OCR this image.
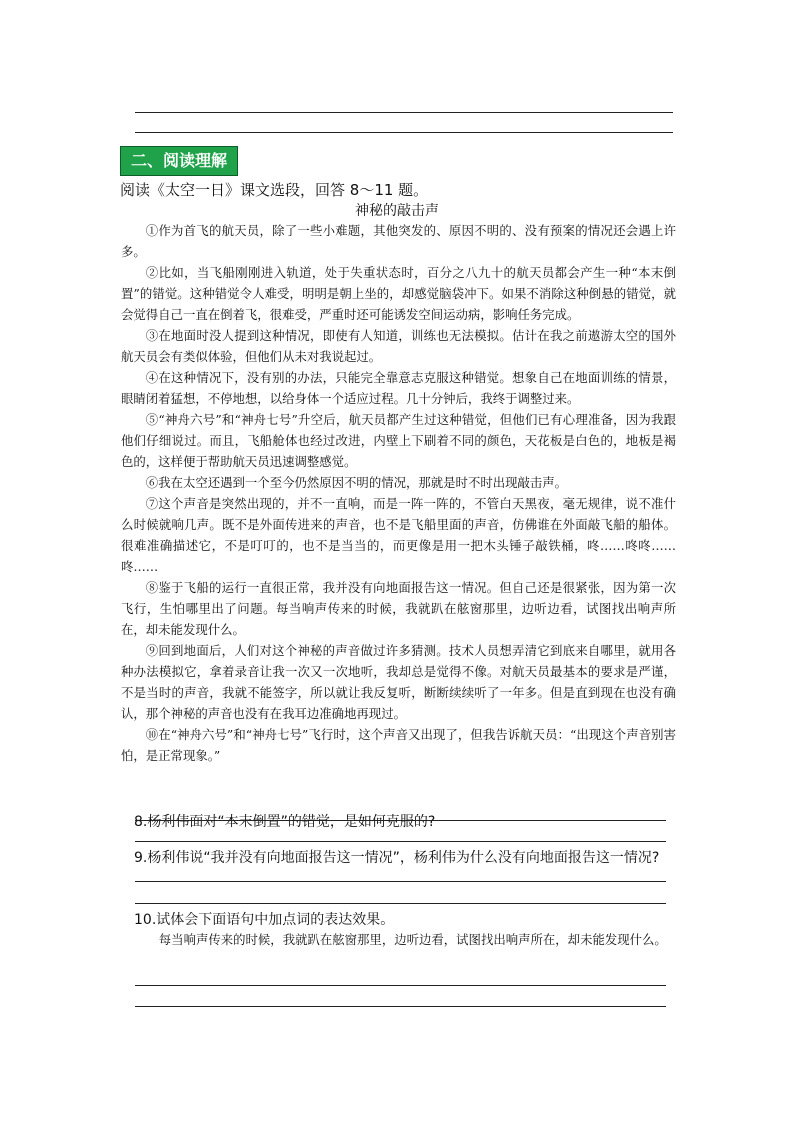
二、阅读理解
阅读《太空一日》课文选段，回答 8～11 题。
神秘的敲击声

①作为首飞的航天员，除了一些小难题，其他突发的、原因不明的、没有预案的情况还会遇上许多。

②比如，当飞船刚刚进入轨道，处于失重状态时，百分之八九十的航天员都会产生一种“本末倒置”的错觉。这种错觉令人难受，明明是朝上坐的，却感觉脑袋冲下。如果不消除这种倒悬的错觉，就会觉得自己一直在倒着飞，很难受，严重时还可能诱发空间运动病，影响任务完成。

③在地面时没人提到这种情况，即使有人知道，训练也无法模拟。估计在我之前遨游太空的国外航天员会有类似体验，但他们从未对我说起过。

④在这种情况下，没有别的办法，只能完全靠意志克服这种错觉。想象自己在地面训练的情景，眼睛闭着猛想，不停地想，以给身体一个适应过程。几十分钟后，我终于调整过来。

⑤“神舟六号”和“神舟七号”升空后，航天员都产生过这种错觉，但他们已有心理准备，因为我跟他们仔细说过。而且，飞船舱体也经过改进，内壁上下刷着不同的颜色，天花板是白色的，地板是褐色的，这样便于帮助航天员迅速调整感觉。

⑥我在太空还遇到一个至今仍然原因不明的情况，那就是时不时出现敲击声。

⑦这个声音是突然出现的，并不一直响，而是一阵一阵的，不管白天黑夜，毫无规律，说不准什么时候就响几声。既不是外面传进来的声音，也不是飞船里面的声音，仿佛谁在外面敲飞船的船体。很难准确描述它，不是叮叮的，也不是当当的，而更像是用一把木头锤子敲铁桶，咚……咚咚……咚……

⑧鉴于飞船的运行一直很正常，我并没有向地面报告这一情况。但自己还是很紧张，因为第一次飞行，生怕哪里出了问题。每当响声传来的时候，我就趴在舷窗那里，边听边看，试图找出响声所在，却未能发现什么。

⑨回到地面后，人们对这个神秘的声音做过许多猜测。技术人员想弄清它到底来自哪里，就用各种办法模拟它，拿着录音让我一次又一次地听，我却总是觉得不像。对航天员最基本的要求是严谨，不是当时的声音，我就不能签字，所以就让我反复听，断断续续听了一年多。但是直到现在也没有确认，那个神秘的声音也没有在我耳边准确地再现过。

⑩在“神舟六号”和“神舟七号”飞行时，这个声音又出现了，但我告诉航天员：“出现这个声音别害怕，是正常现象。”

8.杨利伟面对“本末倒置”的错觉，是如何克服的?
9.杨利伟说“我并没有向地面报告这一情况”，杨利伟为什么没有向地面报告这一情况?
10.试体会下面语句中加点词的表达效果。
每当响声传来的时候，我就趴在舷窗那里，边听边看，试图找出响声所在，却未能发现什么。
